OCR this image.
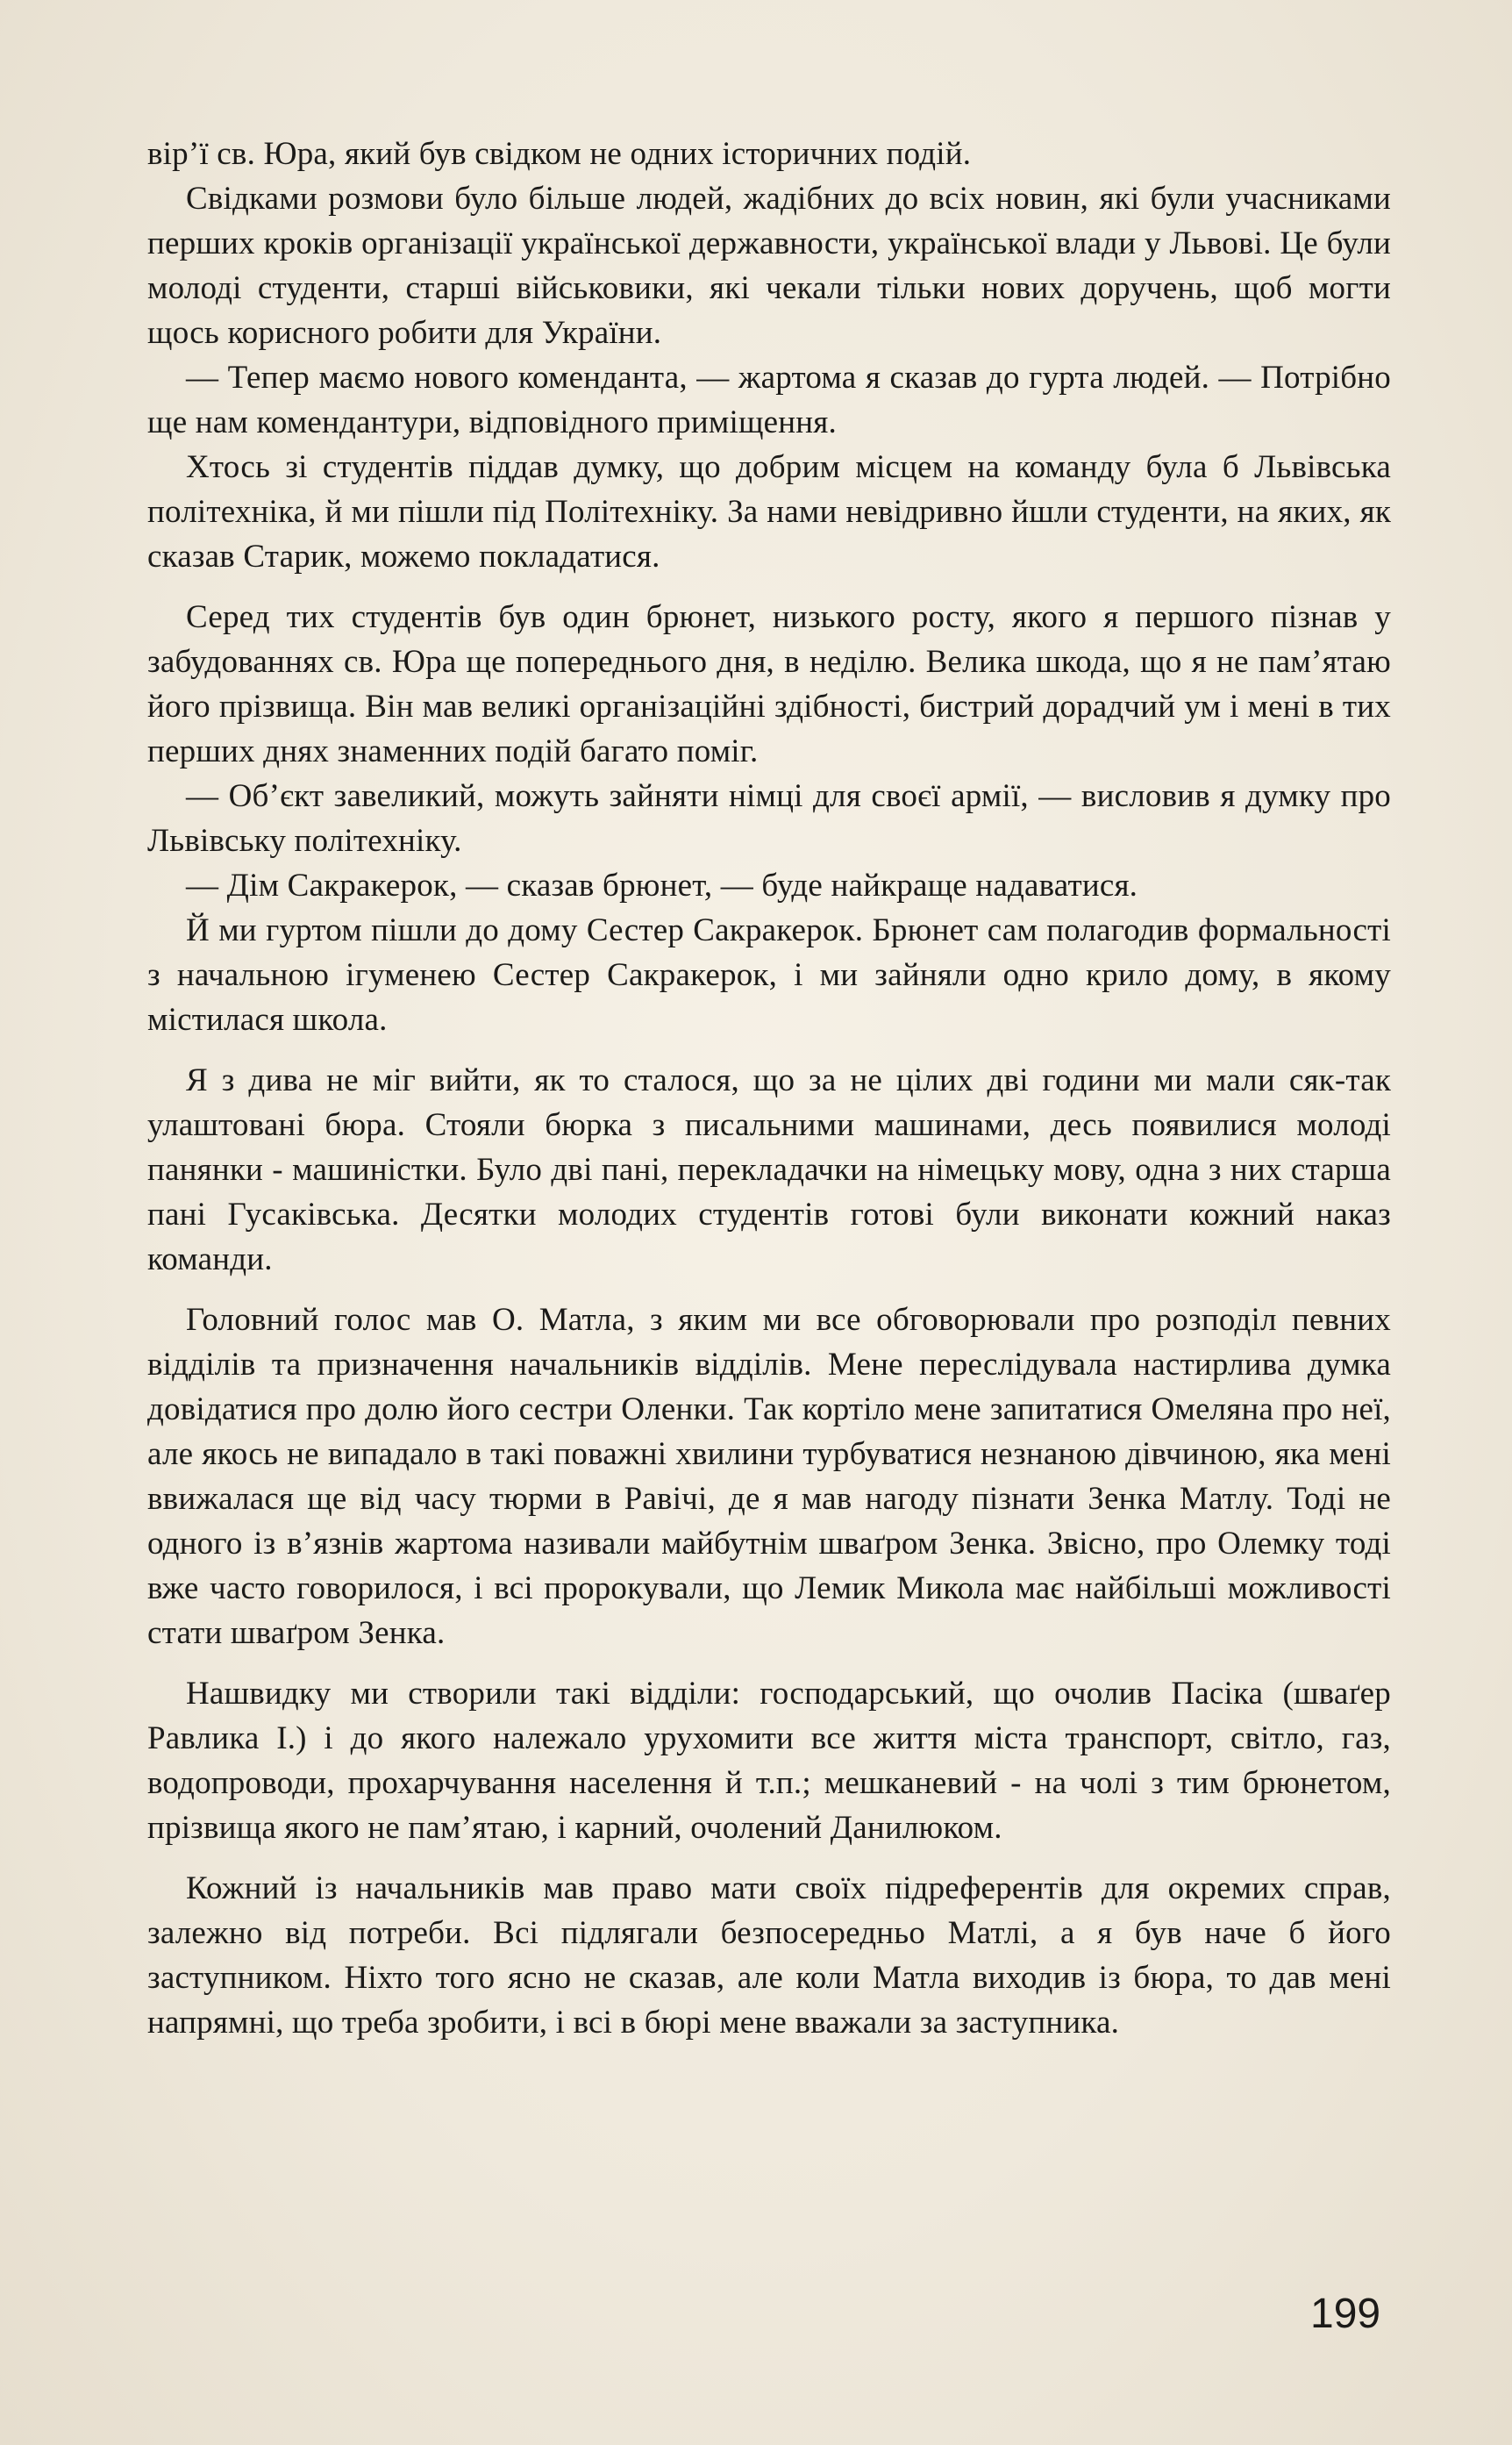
вір’ї св. Юра, який був свідком не одних історичних подій.

Свідками розмови було більше людей, жадібних до всіх новин, які були учасниками перших кроків організації української державности, української влади у Львові. Це були молоді студенти, старші військовики, які чекали тільки нових доручень, щоб могти щось корисного робити для України.

— Тепер маємо нового коменданта, — жартома я сказав до гурта людей. — Потрібно ще нам комендантури, відповідного приміщення.

Хтось зі студентів піддав думку, що добрим місцем на команду була б Львівська політехніка, й ми пішли під Політехніку. За нами невідривно йшли студенти, на яких, як сказав Старик, можемо покладатися.

Серед тих студентів був один брюнет, низького росту, якого я першого пізнав у забудованнях св. Юра ще попереднього дня, в неділю. Велика шкода, що я не пам’ятаю його прізвища. Він мав великі організаційні здібності, бистрий дорадчий ум і мені в тих перших днях знаменних подій багато поміг.

— Об’єкт завеликий, можуть зайняти німці для своєї армії, — висловив я думку про Львівську політехніку.

— Дім Сакракерок, — сказав брюнет, — буде найкраще надаватися.

Й ми гуртом пішли до дому Сестер Сакракерок. Брюнет сам полагодив формальності з начальною ігуменею Сестер Сакракерок, і ми зайняли одно крило дому, в якому містилася школа.

Я з дива не міг вийти, як то сталося, що за не цілих дві години ми мали сяк-так улаштовані бюра. Стояли бюрка з писальними машинами, десь появилися молоді панянки - машиністки. Було дві пані, перекладачки на німецьку мову, одна з них старша пані Гусаківська. Десятки молодих студентів готові були виконати кожний наказ команди.

Головний голос мав О. Матла, з яким ми все обговорювали про розподіл певних відділів та призначення начальників відділів. Мене переслідувала настирлива думка довідатися про долю його сестри Оленки. Так кортіло мене запитатися Омеляна про неї, але якось не випадало в такі поважні хвилини турбуватися незнаною дівчиною, яка мені ввижалася ще від часу тюрми в Равічі, де я мав нагоду пізнати Зенка Матлу. Тоді не одного із в’язнів жартома називали майбутнім шваґром Зенка. Звісно, про Олемку тоді вже часто говорилося, і всі пророкували, що Лемик Микола має найбільші можливості стати шваґром Зенка.

Нашвидку ми створили такі відділи: господарський, що очолив Пасіка (шваґер Равлика І.) і до якого належало урухомити все життя міста транспорт, світло, газ, водопроводи, прохарчування населення й т.п.; мешканевий - на чолі з тим брюнетом, прізвища якого не пам’ятаю, і карний, очолений Данилюком.

Кожний із начальників мав право мати своїх підреферентів для окремих справ, залежно від потреби. Всі підлягали безпосередньо Матлі, а я був наче б його заступником. Ніхто того ясно не сказав, але коли Матла виходив із бюра, то дав мені напрямні, що треба зробити, і всі в бюрі мене вважали за заступника.

199
